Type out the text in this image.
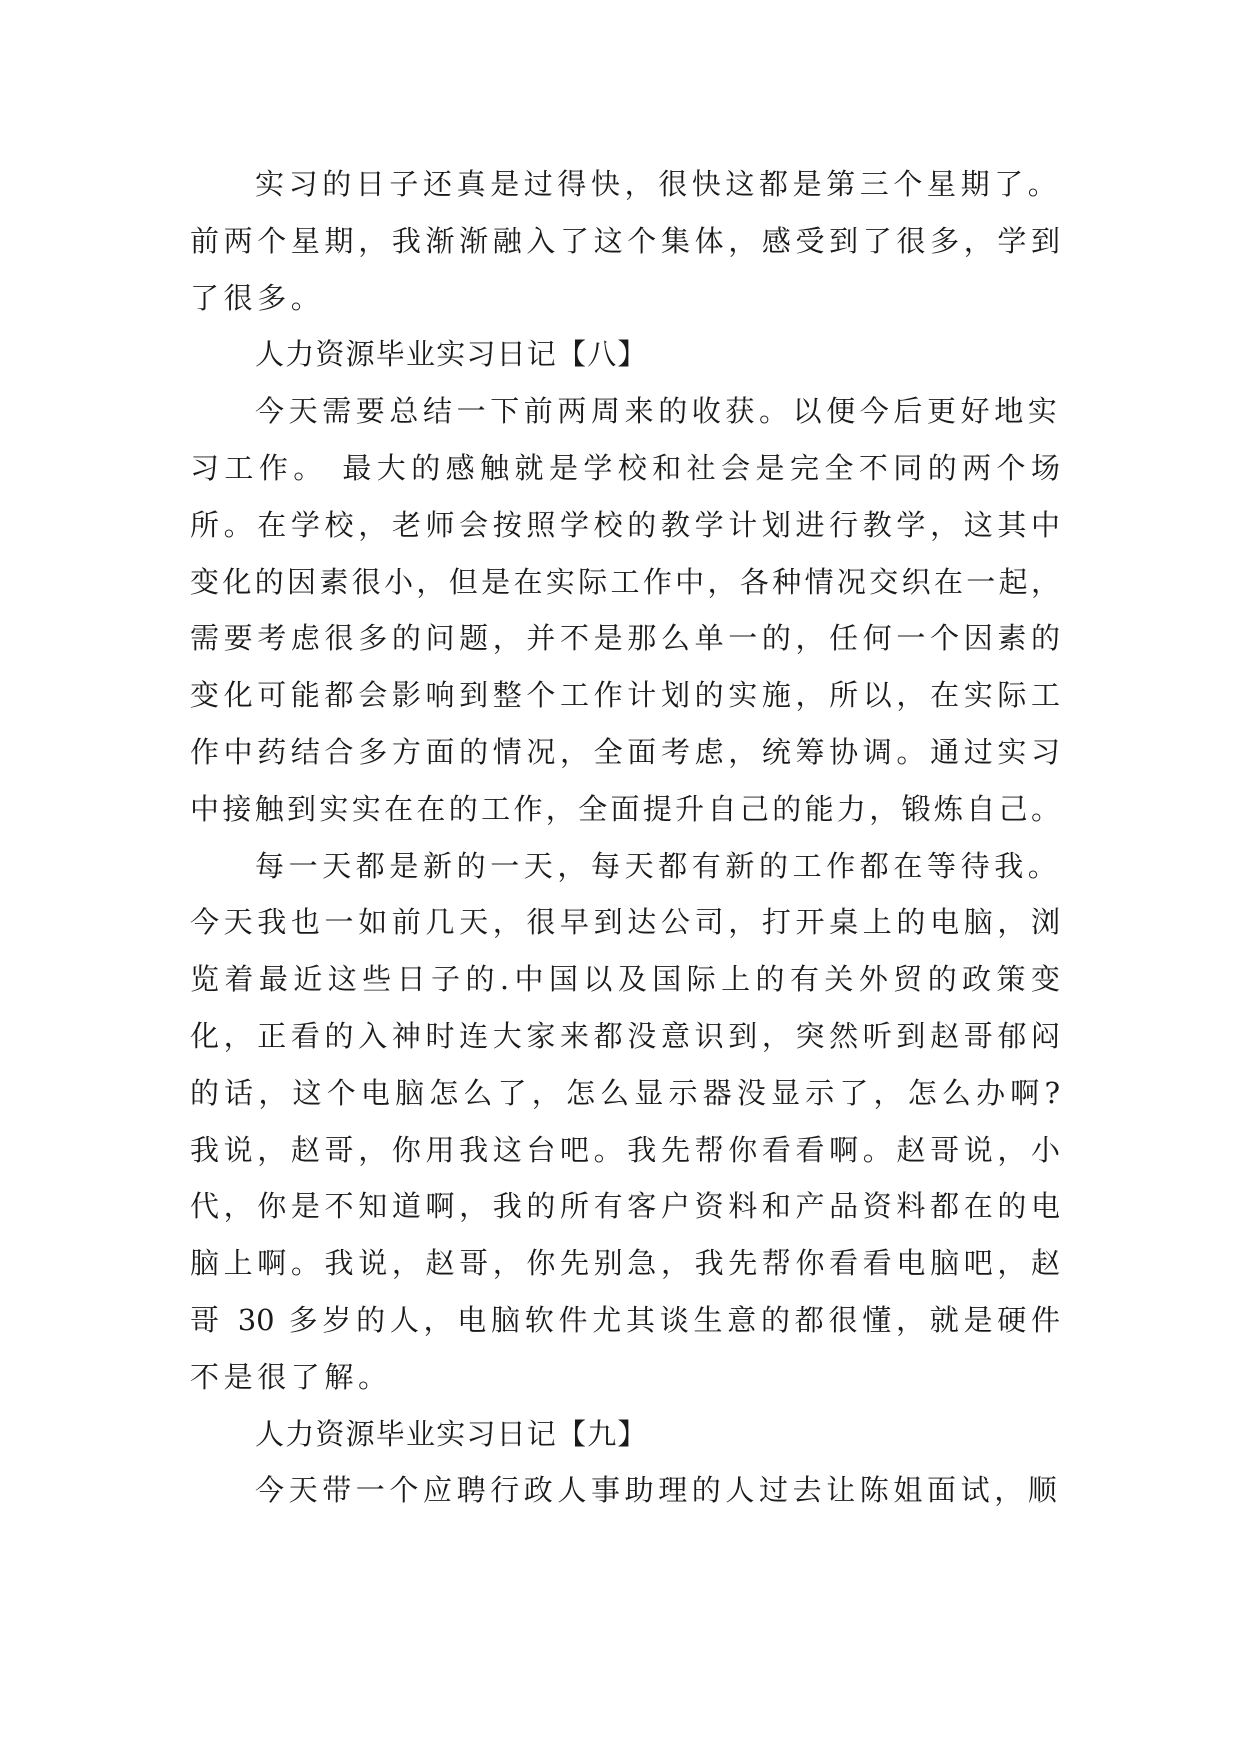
实习的日子还真是过得快，很快这都是第三个星期了。
前两个星期，我渐渐融入了这个集体，感受到了很多，学到
了很多。
人力资源毕业实习日记【八】
今天需要总结一下前两周来的收获。以便今后更好地实
习工作。 最大的感触就是学校和社会是完全不同的两个场
所。在学校，老师会按照学校的教学计划进行教学，这其中
变化的因素很小，但是在实际工作中，各种情况交织在一起，
需要考虑很多的问题，并不是那么单一的，任何一个因素的
变化可能都会影响到整个工作计划的实施，所以，在实际工
作中药结合多方面的情况，全面考虑，统筹协调。通过实习
中接触到实实在在的工作，全面提升自己的能力，锻炼自己。
每一天都是新的一天，每天都有新的工作都在等待我。
今天我也一如前几天，很早到达公司，打开桌上的电脑，浏
览着最近这些日子的.中国以及国际上的有关外贸的政策变
化，正看的入神时连大家来都没意识到，突然听到赵哥郁闷
的话，这个电脑怎么了，怎么显示器没显示了，怎么办啊?
我说，赵哥，你用我这台吧。我先帮你看看啊。赵哥说，小
代，你是不知道啊，我的所有客户资料和产品资料都在的电
脑上啊。我说，赵哥，你先别急，我先帮你看看电脑吧，赵
哥 30 多岁的人，电脑软件尤其谈生意的都很懂，就是硬件
不是很了解。
人力资源毕业实习日记【九】
今天带一个应聘行政人事助理的人过去让陈姐面试，顺
